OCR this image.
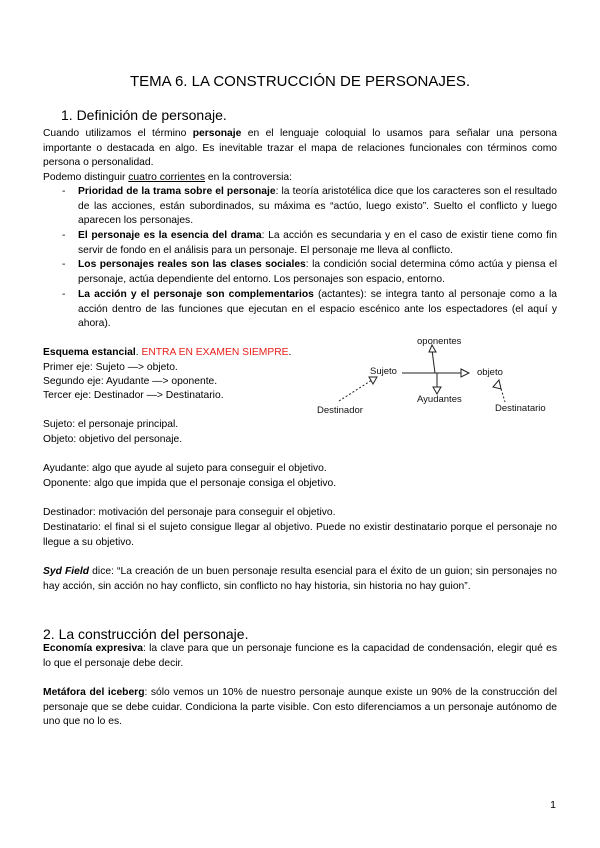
TEMA 6. LA CONSTRUCCIÓN DE PERSONAJES.
1. Definición de personaje.
Cuando utilizamos el término personaje en el lenguaje coloquial lo usamos para señalar una persona importante o destacada en algo. Es inevitable trazar el mapa de relaciones funcionales con términos como persona o personalidad.
Podemo distinguir cuatro corrientes en la controversia:
- Prioridad de la trama sobre el personaje: la teoría aristotélica dice que los caracteres son el resultado de las acciones, están subordinados, su máxima es “actúo, luego existo”. Suelto el conflicto y luego aparecen los personajes.
- El personaje es la esencia del drama: La acción es secundaria y en el caso de existir tiene como fin servir de fondo en el análisis para un personaje. El personaje me lleva al conflicto.
- Los personajes reales son las clases sociales: la condición social determina cómo actúa y piensa el personaje, actúa dependiente del entorno. Los personajes son espacio, entorno.
- La acción y el personaje son complementarios (actantes): se integra tanto al personaje como a la acción dentro de las funciones que ejecutan en el espacio escénico ante los espectadores (el aquí y ahora).
Esquema estancial. ENTRA EN EXAMEN SIEMPRE.
Primer eje: Sujeto —> objeto.
Segundo eje: Ayudante —> oponente.
Tercer eje: Destinador —> Destinatario.
oponentes
Sujeto	objeto
Ayudantes
Destinador	Destinatario
Sujeto: el personaje principal.
Objeto: objetivo del personaje.
Ayudante: algo que ayude al sujeto para conseguir el objetivo.
Oponente: algo que impida que el personaje consiga el objetivo.
Destinador: motivación del personaje para conseguir el objetivo.
Destinatario: el final si el sujeto consigue llegar al objetivo. Puede no existir destinatario porque el personaje no llegue a su objetivo.
Syd Field dice: “La creación de un buen personaje resulta esencial para el éxito de un guion; sin personajes no hay acción, sin acción no hay conflicto, sin conflicto no hay historia, sin historia no hay guion”.
2. La construcción del personaje.
Economía expresiva: la clave para que un personaje funcione es la capacidad de condensación, elegir qué es lo que el personaje debe decir.
Metáfora del iceberg: sólo vemos un 10% de nuestro personaje aunque existe un 90% de la construcción del personaje que se debe cuidar. Condiciona la parte visible. Con esto diferenciamos a un personaje autónomo de uno que no lo es.
1
